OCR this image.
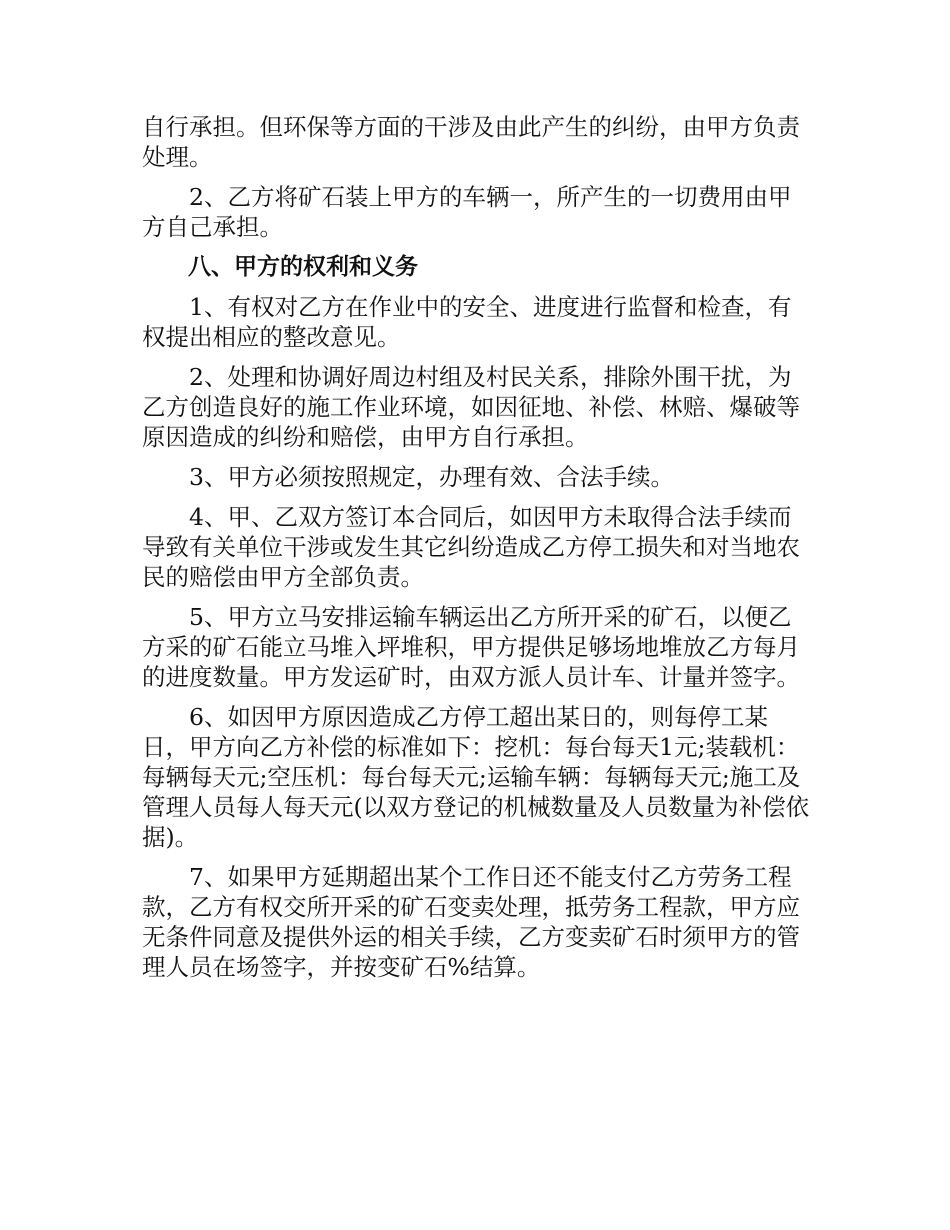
自行承担。但环保等方面的干涉及由此产生的纠纷，由甲方负责处理。

2、乙方将矿石装上甲方的车辆一，所产生的一切费用由甲方自己承担。

八、甲方的权利和义务

1、有权对乙方在作业中的安全、进度进行监督和检查，有权提出相应的整改意见。

2、处理和协调好周边村组及村民关系，排除外围干扰，为乙方创造良好的施工作业环境，如因征地、补偿、林赔、爆破等原因造成的纠纷和赔偿，由甲方自行承担。

3、甲方必须按照规定，办理有效、合法手续。

4、甲、乙双方签订本合同后，如因甲方未取得合法手续而导致有关单位干涉或发生其它纠纷造成乙方停工损失和对当地农民的赔偿由甲方全部负责。

5、甲方立马安排运输车辆运出乙方所开采的矿石，以便乙方采的矿石能立马堆入坪堆积，甲方提供足够场地堆放乙方每月的进度数量。甲方发运矿时，由双方派人员计车、计量并签字。

6、如因甲方原因造成乙方停工超出某日的，则每停工某日，甲方向乙方补偿的标准如下：挖机：每台每天1元;装载机：每辆每天元;空压机：每台每天元;运输车辆：每辆每天元;施工及管理人员每人每天元(以双方登记的机械数量及人员数量为补偿依据)。

7、如果甲方延期超出某个工作日还不能支付乙方劳务工程款，乙方有权交所开采的矿石变卖处理，抵劳务工程款，甲方应无条件同意及提供外运的相关手续，乙方变卖矿石时须甲方的管理人员在场签字，并按变矿石%结算。
